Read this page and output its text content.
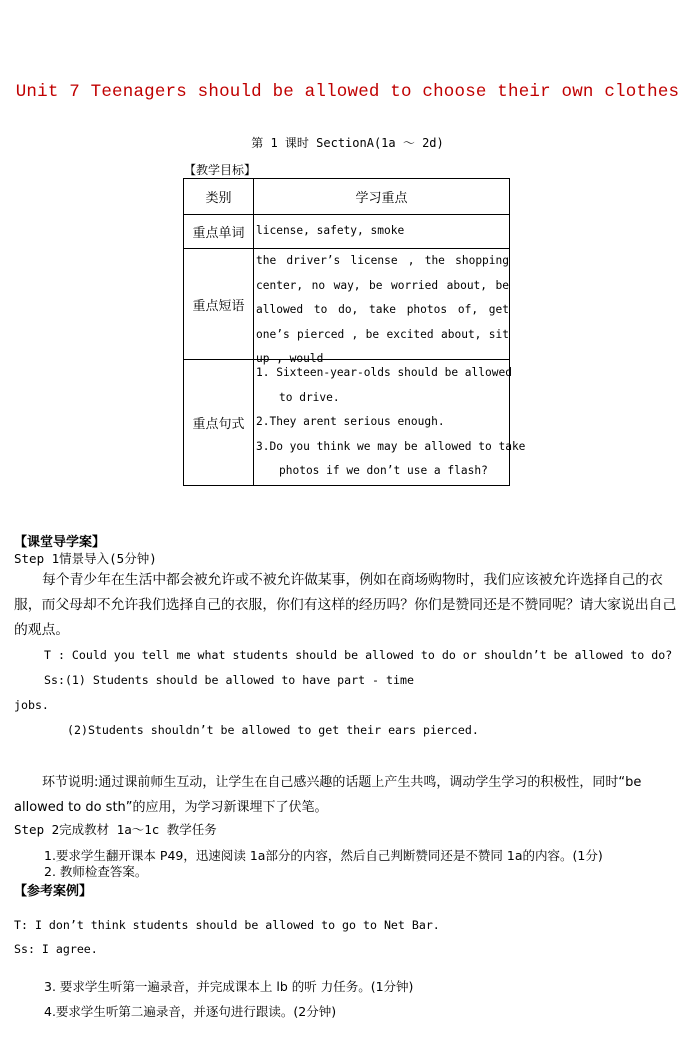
Unit 7 Teenagers should be allowed to choose their own clothes
第 1 课时 SectionA(1a ～ 2d)
【教学目标】
类别	学习重点
重点单词	license, safety, smoke

重点短语	the driver’s license , the shopping center, no way, be worried about, be allowed to do, take photos of, get one’s pierced , be excited about, sit up , would

重点句式	1. Sixteen-year-olds should be allowed
to drive.
2.They arent serious enough.
3.Do you think we may be allowed to take
photos if we don’t use a flash?
【课堂导学案】
Step 1情景导入(5分钟)
每个青少年在生活中都会被允许或不被允许做某事，例如在商场购物时，我们应该被允许选择自己的衣服，而父母却不允许我们选择自己的衣服，你们有这样的经历吗？你们是赞同还是不赞同呢？请大家说出自己的观点。
T : Could you tell me what students should be allowed to do or shouldn’t be allowed to do?
Ss:(1) Students should be allowed to have part - time
jobs.
(2)Students shouldn’t be allowed to get their ears pierced.
环节说明:通过课前师生互动，让学生在自己感兴趣的话题上产生共鸣，调动学生学习的积极性，同时“be allowed to do sth”的应用，为学习新课埋下了伏笔。
Step 2完成教材 1a～1c 教学任务
1.要求学生翻开课本 P49，迅速阅读 1a部分的内容，然后自己判断赞同还是不赞同 1a的内容。(1分)
2. 教师检查答案。
【参考案例】
T: I don’t think students should be allowed to go to Net Bar.
Ss: I agree.
3. 要求学生听第一遍录音，并完成课本上 lb 的听 力任务。(1分钟)
4.要求学生听第二遍录音，并逐句进行跟读。(2分钟)
